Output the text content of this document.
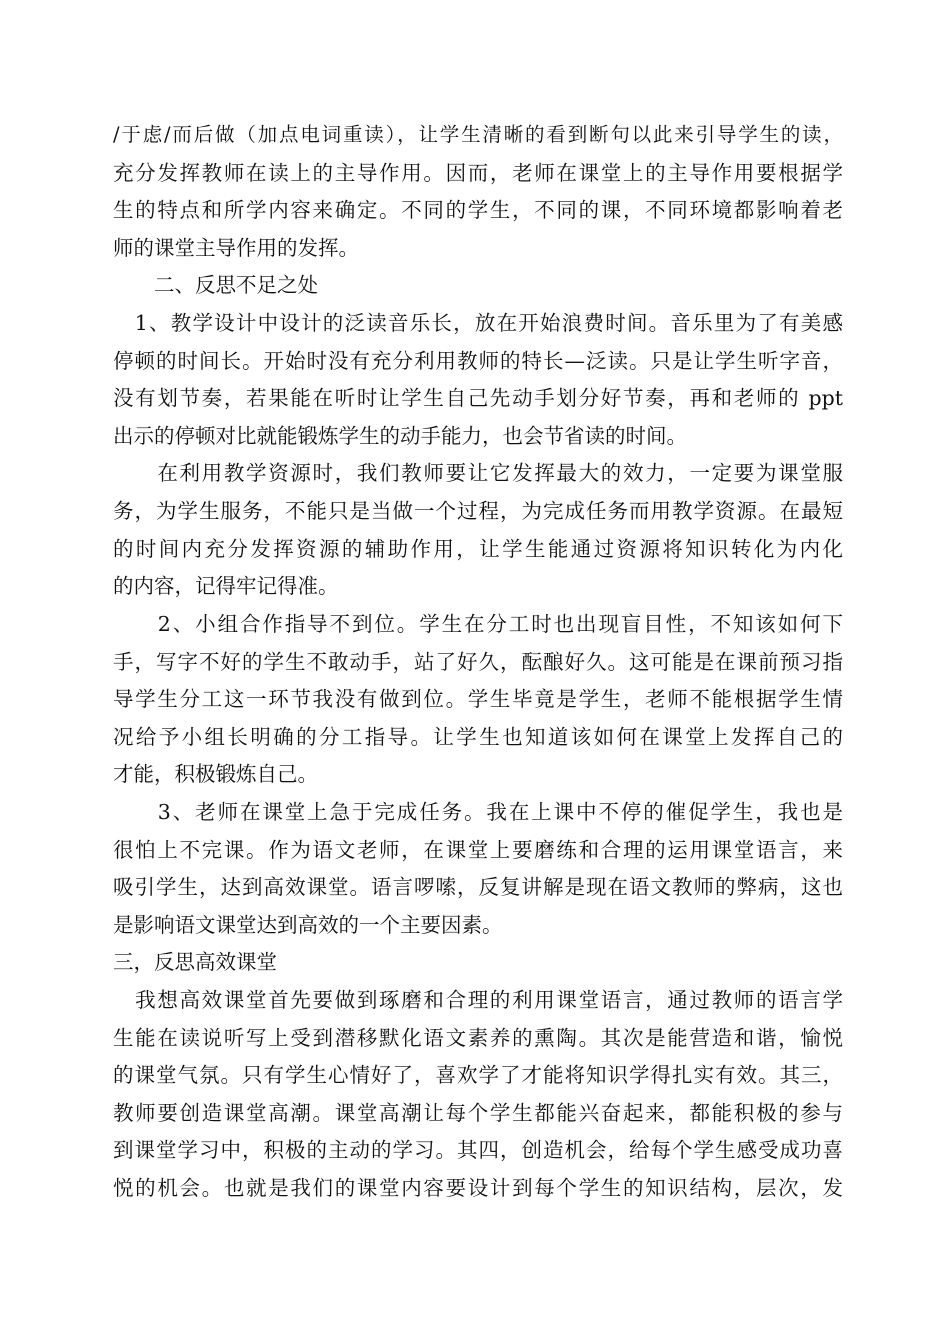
/于虑/而后做（加点电词重读），让学生清晰的看到断句以此来引导学生的读，
充分发挥教师在读上的主导作用。因而，老师在课堂上的主导作用要根据学
生的特点和所学内容来确定。不同的学生，不同的课，不同环境都影响着老
师的课堂主导作用的发挥。
　　二、反思不足之处
　1、教学设计中设计的泛读音乐长，放在开始浪费时间。音乐里为了有美感
停顿的时间长。开始时没有充分利用教师的特长—泛读。只是让学生听字音，
没有划节奏，若果能在听时让学生自己先动手划分好节奏，再和老师的 ppt
出示的停顿对比就能锻炼学生的动手能力，也会节省读的时间。
　　在利用教学资源时，我们教师要让它发挥最大的效力，一定要为课堂服
务，为学生服务，不能只是当做一个过程，为完成任务而用教学资源。在最短
的时间内充分发挥资源的辅助作用，让学生能通过资源将知识转化为内化
的内容，记得牢记得准。
　　2、小组合作指导不到位。学生在分工时也出现盲目性，不知该如何下
手，写字不好的学生不敢动手，站了好久，酝酿好久。这可能是在课前预习指
导学生分工这一环节我没有做到位。学生毕竟是学生，老师不能根据学生情
况给予小组长明确的分工指导。让学生也知道该如何在课堂上发挥自己的
才能，积极锻炼自己。
　　3、老师在课堂上急于完成任务。我在上课中不停的催促学生，我也是
很怕上不完课。作为语文老师，在课堂上要磨练和合理的运用课堂语言，来
吸引学生，达到高效课堂。语言啰嗦，反复讲解是现在语文教师的弊病，这也
是影响语文课堂达到高效的一个主要因素。
三，反思高效课堂
　我想高效课堂首先要做到琢磨和合理的利用课堂语言，通过教师的语言学
生能在读说听写上受到潜移默化语文素养的熏陶。其次是能营造和谐，愉悦
的课堂气氛。只有学生心情好了，喜欢学了才能将知识学得扎实有效。其三，
教师要创造课堂高潮。课堂高潮让每个学生都能兴奋起来，都能积极的参与
到课堂学习中，积极的主动的学习。其四，创造机会，给每个学生感受成功喜
悦的机会。也就是我们的课堂内容要设计到每个学生的知识结构，层次，发
